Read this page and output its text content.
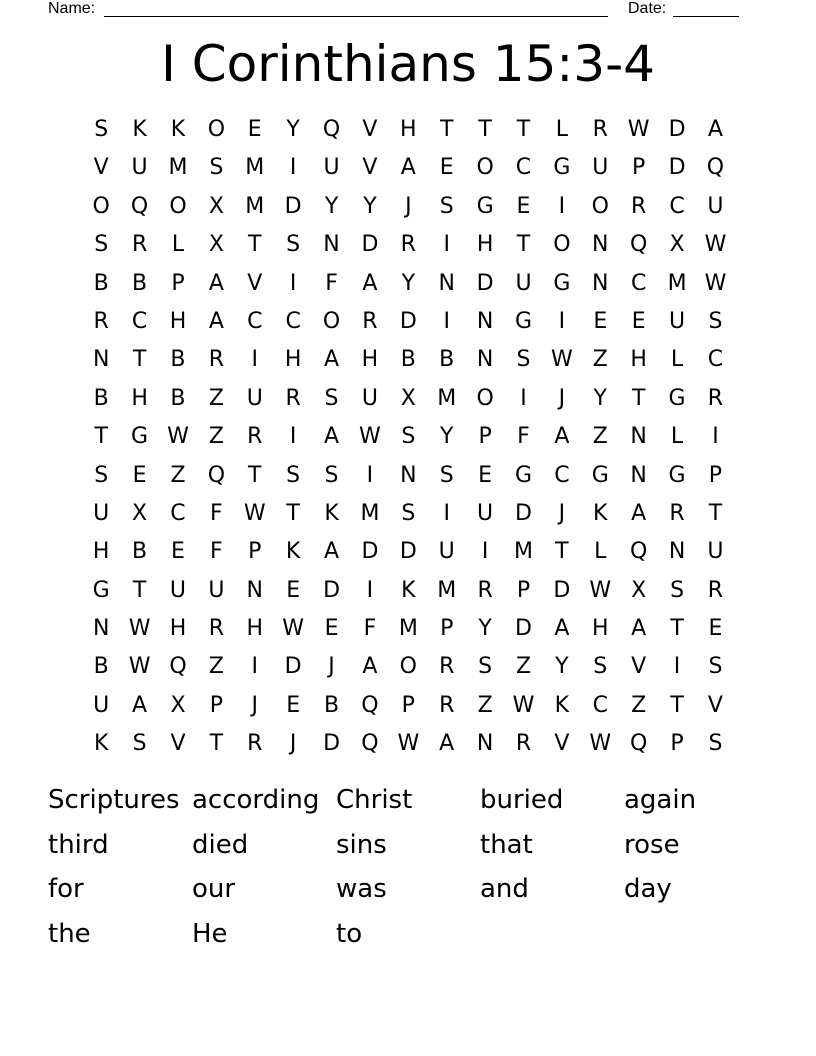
Name:	Date:
I Corinthians 15:3-4
S	K	K	O	E	Y	Q	V	H	T	T	T	L	R W D	A
V	U M S M	I	U	V	A	E	O	C	G U	P	D Q
O Q O	X M D	Y	Y	J	S	G	E	I	O	R	C	U
S	R	L	X	T	S	N D	R	I	H	T	O N Q	X W
B	B	P	A	V	I	F	A	Y	N D U G N	C M W
R	C	H	A	C	C	O	R	D	I	N G	I	E	E	U	S
N	T	B	R	I	H	A	H	B	B	N	S W Z	H	L	C
B	H	B	Z	U	R	S	U	X M O	I	J	Y	T	G	R
T	G W Z	R	I	A W S	Y	P	F	A	Z	N	L	I
S	E	Z	Q	T	S	S	I	N	S	E	G	C	G N G	P
U	X	C	F W T	K M S	I	U D	J	K	A	R	T
H	B	E	F	P	K	A	D D U	I	M	T	L	Q N	U
G	T	U	U	N	E	D	I	K M R	P	D W X	S	R
N W H	R	H W E	F	M	P	Y	D	A	H	A	T	E
B W Q	Z	I	D	J	A	O	R	S	Z	Y	S	V	I	S
U	A	X	P	J	E	B	Q	P	R	Z W K	C	Z	T	V
K	S	V	T	R	J	D Q W A	N	R	V W Q	P	S
Scriptures according Christ	buried	again
third	died	sins	that	rose
for	our	was	and	day
the	He	to
